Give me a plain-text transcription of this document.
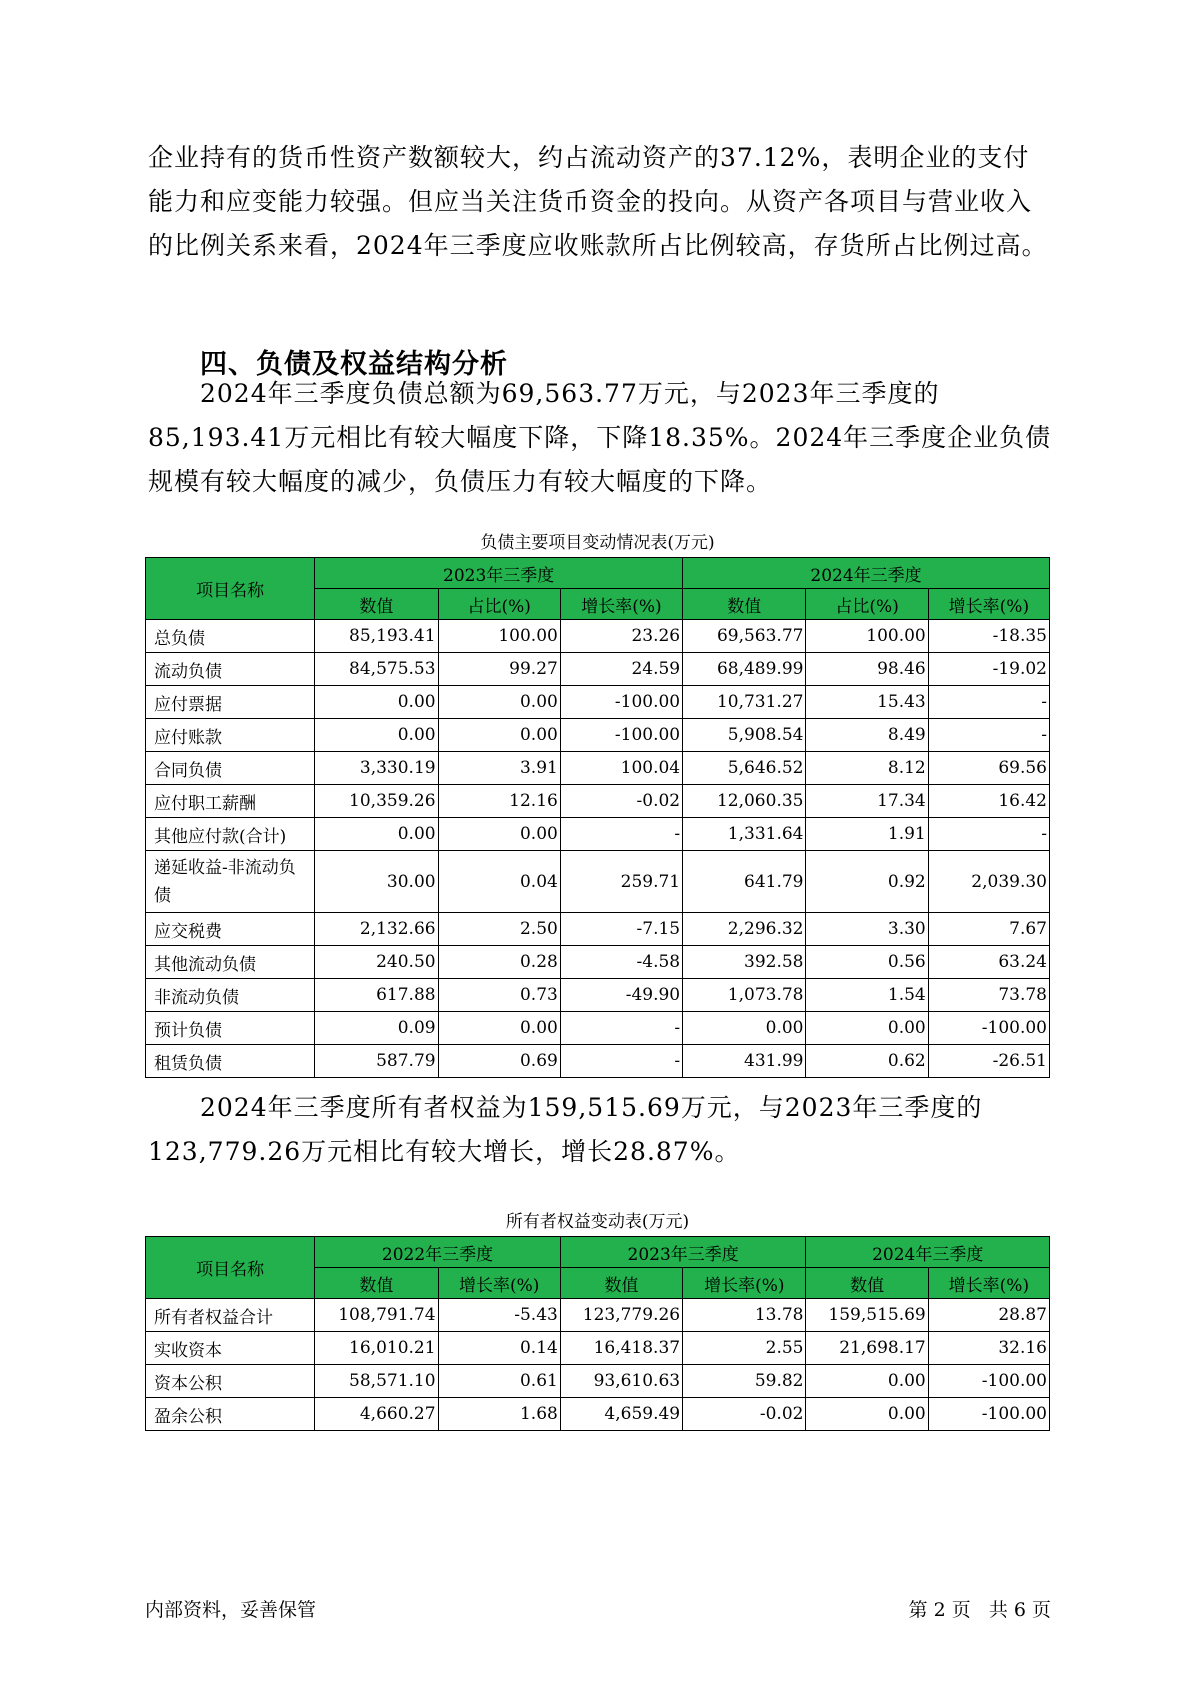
企业持有的货币性资产数额较大，约占流动资产的37.12%，表明企业的支付能力和应变能力较强。但应当关注货币资金的投向。从资产各项目与营业收入的比例关系来看，2024年三季度应收账款所占比例较高，存货所占比例过高。
四、负债及权益结构分析
2024年三季度负债总额为69,563.77万元，与2023年三季度的85,193.41万元相比有较大幅度下降，下降18.35%。2024年三季度企业负债规模有较大幅度的减少，负债压力有较大幅度的下降。
负债主要项目变动情况表(万元)
项目名称	2023年三季度			2024年三季度		
	数值	占比(%)	增长率(%)	数值	占比(%)	增长率(%)
总负债	85,193.41	100.00	23.26	69,563.77	100.00	-18.35
流动负债	84,575.53	99.27	24.59	68,489.99	98.46	-19.02
应付票据	0.00	0.00	-100.00	10,731.27	15.43	-
应付账款	0.00	0.00	-100.00	5,908.54	8.49	-
合同负债	3,330.19	3.91	100.04	5,646.52	8.12	69.56
应付职工薪酬	10,359.26	12.16	-0.02	12,060.35	17.34	16.42
其他应付款(合计)	0.00	0.00	-	1,331.64	1.91	-
递延收益-非流动负债	30.00	0.04	259.71	641.79	0.92	2,039.30
应交税费	2,132.66	2.50	-7.15	2,296.32	3.30	7.67
其他流动负债	240.50	0.28	-4.58	392.58	0.56	63.24
非流动负债	617.88	0.73	-49.90	1,073.78	1.54	73.78
预计负债	0.09	0.00	-	0.00	0.00	-100.00
租赁负债	587.79	0.69	-	431.99	0.62	-26.51
2024年三季度所有者权益为159,515.69万元，与2023年三季度的123,779.26万元相比有较大增长，增长28.87%。
所有者权益变动表(万元)
项目名称	2022年三季度		2023年三季度		2024年三季度	
	数值	增长率(%)	数值	增长率(%)	数值	增长率(%)
所有者权益合计	108,791.74	-5.43	123,779.26	13.78	159,515.69	28.87
实收资本	16,010.21	0.14	16,418.37	2.55	21,698.17	32.16
资本公积	58,571.10	0.61	93,610.63	59.82	0.00	-100.00
盈余公积	4,660.27	1.68	4,659.49	-0.02	0.00	-100.00
内部资料，妥善保管	第 2 页   共 6 页
